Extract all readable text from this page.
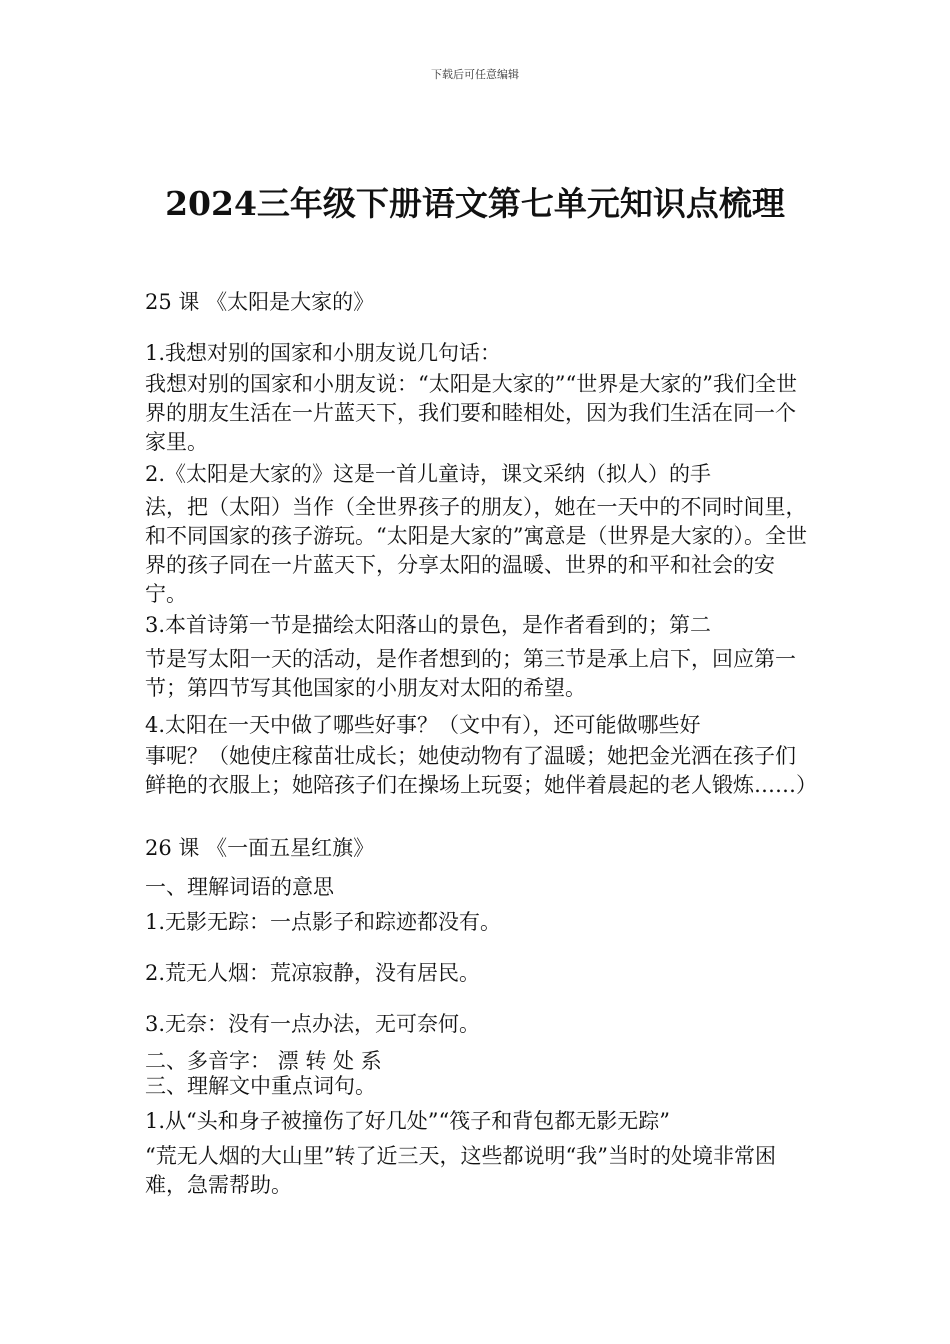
下载后可任意编辑
2024三年级下册语文第七单元知识点梳理
25 课 《太阳是大家的》
1.我想对别的国家和小朋友说几句话：
我想对别的国家和小朋友说：“太阳是大家的”“世界是大家的”我们全世界的朋友生活在一片蓝天下，我们要和睦相处，因为我们生活在同一个家里。
2.《太阳是大家的》这是一首儿童诗，课文采纳（拟人）的手
法，把（太阳）当作（全世界孩子的朋友），她在一天中的不同时间里，和不同国家的孩子游玩。“太阳是大家的”寓意是（世界是大家的）。全世界的孩子同在一片蓝天下，分享太阳的温暖、世界的和平和社会的安宁。
3.本首诗第一节是描绘太阳落山的景色，是作者看到的；第二
节是写太阳一天的活动，是作者想到的；第三节是承上启下，回应第一节；第四节写其他国家的小朋友对太阳的希望。
4.太阳在一天中做了哪些好事？（文中有），还可能做哪些好
事呢？（她使庄稼苗壮成长；她使动物有了温暖；她把金光洒在孩子们鲜艳的衣服上；她陪孩子们在操场上玩耍；她伴着晨起的老人锻炼……）
26 课 《一面五星红旗》
一、理解词语的意思
1.无影无踪：一点影子和踪迹都没有。
2.荒无人烟：荒凉寂静，没有居民。
3.无奈：没有一点办法，无可奈何。
二、多音字： 漂 转 处 系
三、理解文中重点词句。
1.从“头和身子被撞伤了好几处”“筏子和背包都无影无踪”
“荒无人烟的大山里”转了近三天，这些都说明“我”当时的处境非常困难，急需帮助。
